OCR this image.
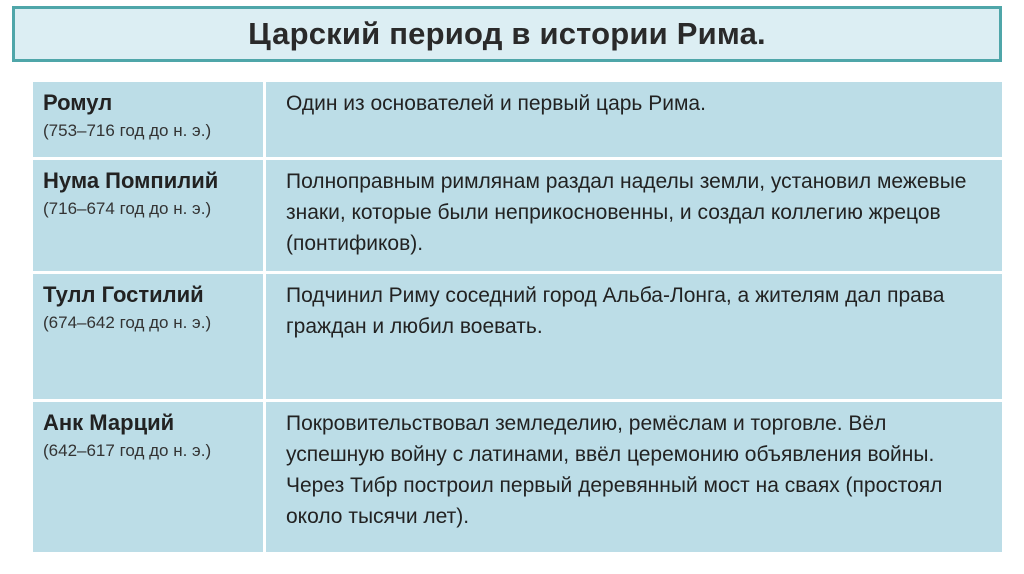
Царский период в истории Рима.
Ромул
(753–716 год до н. э.)	Один из основателей и первый царь Рима.

Нума Помпилий
(716–674 год до н. э.)	Полноправным римлянам раздал наделы земли, установил межевые знаки, которые были неприкосновенны, и создал коллегию жрецов (понтификов).

Тулл Гостилий
(674–642 год до н. э.)	Подчинил Риму соседний город Альба-Лонга, а жителям дал права граждан и любил воевать.

Анк Марций
(642–617 год до н. э.)	Покровительствовал земледелию, ремёслам и торговле. Вёл успешную войну с латинами, ввёл церемонию объявления войны. Через Тибр построил первый деревянный мост на сваях (простоял около тысячи лет).
